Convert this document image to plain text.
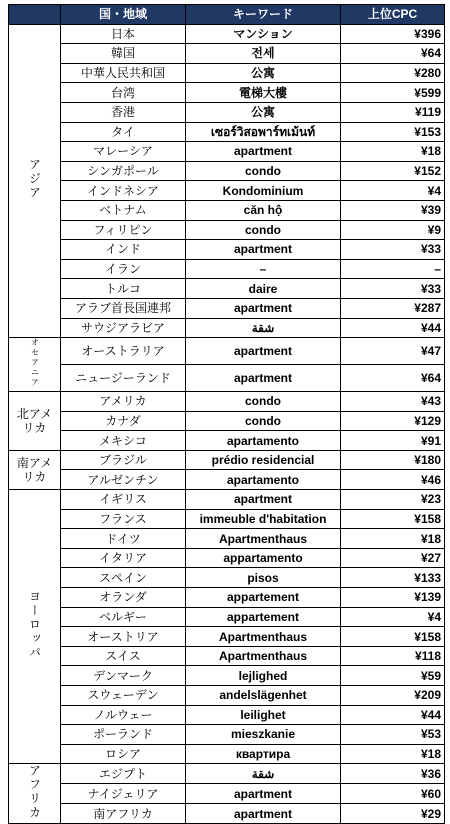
	国・地域	キーワード	上位CPC
アジア	日本	マンション	¥396
	韓国	전세	¥64
	中華人民共和国	公寓	¥280
	台湾	電梯大樓	¥599
	香港	公寓	¥119
	タイ	เซอร์วิสอพาร์ทเม้นท์	¥153
	マレーシア	apartment	¥18
	シンガポール	condo	¥152
	インドネシア	Kondominium	¥4
	ベトナム	căn hộ	¥39
	フィリピン	condo	¥9
	インド	apartment	¥33
	イラン	–	–
	トルコ	daire	¥33
	アラブ首長国連邦	apartment	¥287
	サウジアラビア	شقة	¥44
オセアニア	オーストラリア	apartment	¥47
	ニュージーランド	apartment	¥64
北アメリカ	アメリカ	condo	¥43
	カナダ	condo	¥129
	メキシコ	apartamento	¥91
南アメリカ	ブラジル	prédio residencial	¥180
	アルゼンチン	apartamento	¥46
ヨーロッパ	イギリス	apartment	¥23
	フランス	immeuble d'habitation	¥158
	ドイツ	Apartmenthaus	¥18
	イタリア	appartamento	¥27
	スペイン	pisos	¥133
	オランダ	appartement	¥139
	ベルギー	appartement	¥4
	オーストリア	Apartmenthaus	¥158
	スイス	Apartmenthaus	¥118
	デンマーク	lejlighed	¥59
	スウェーデン	andelslägenhet	¥209
	ノルウェー	leilighet	¥44
	ポーランド	mieszkanie	¥53
	ロシア	квартира	¥18
アフリカ	エジプト	شقة	¥36
	ナイジェリア	apartment	¥60
	南アフリカ	apartment	¥29
